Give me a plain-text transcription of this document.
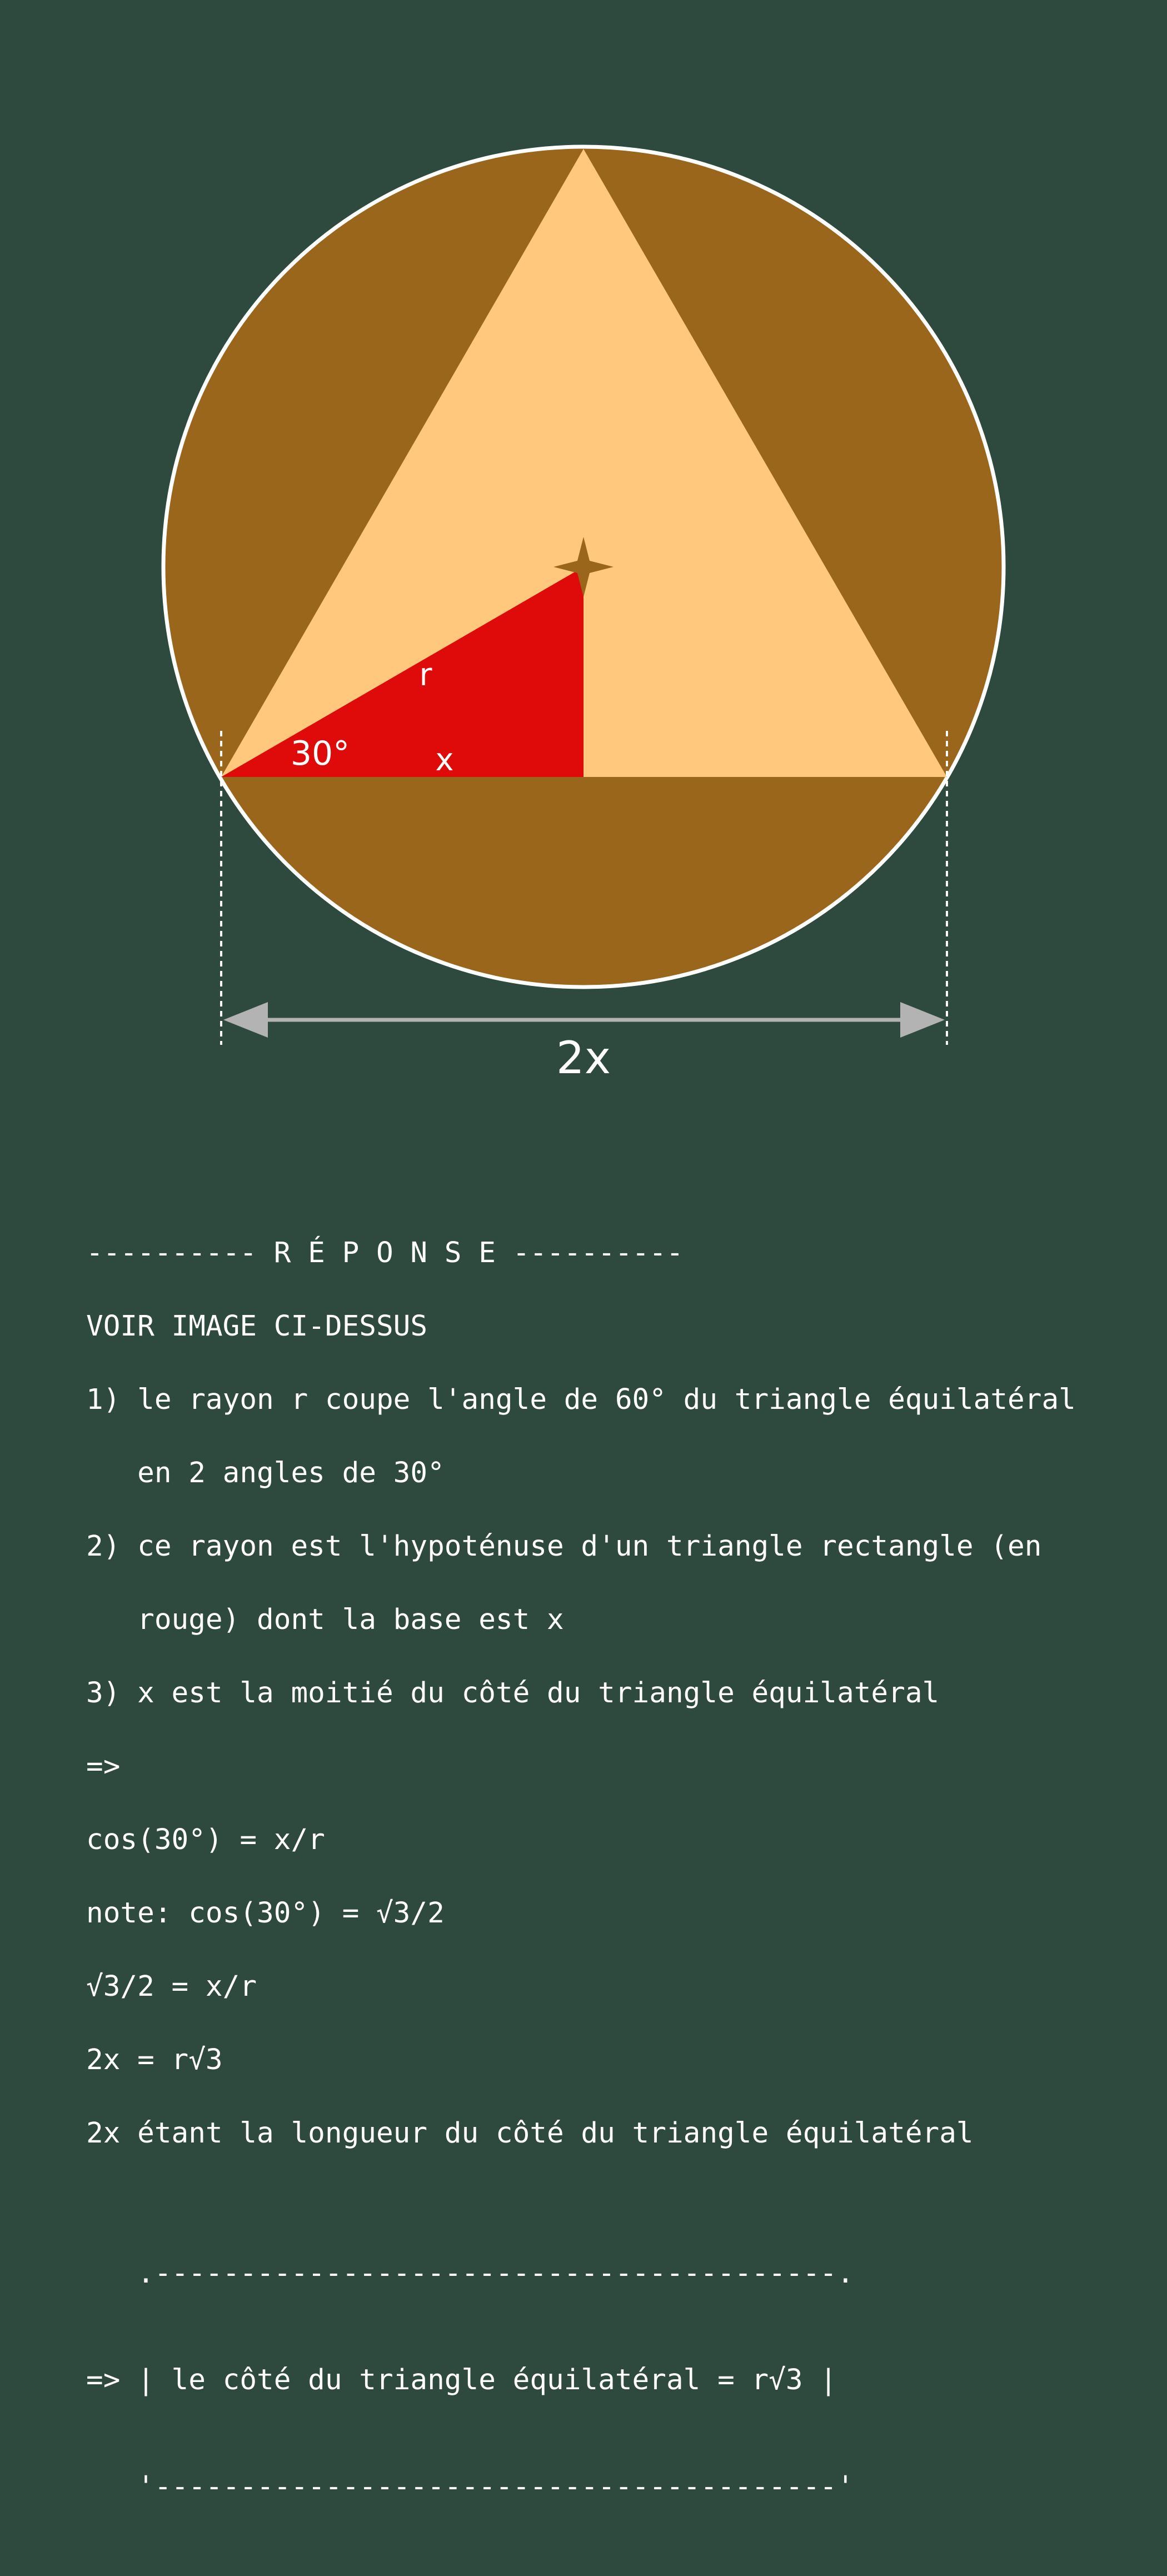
30°
r
x
2x
---------- R É P O N S E ----------
VOIR IMAGE CI-DESSUS
1) le rayon r coupe l'angle de 60° du triangle équilatéral
en 2 angles de 30°
2) ce rayon est l'hypoténuse d'un triangle rectangle (en
rouge) dont la base est x
3) x est la moitié du côté du triangle équilatéral
=>
cos(30°) = x/r
note: cos(30°) = √3/2
√3/2 = x/r
2x = r√3
2x étant la longueur du côté du triangle équilatéral

.----------------------------------------.

=> | le côté du triangle équilatéral = r√3 |

'----------------------------------------'
